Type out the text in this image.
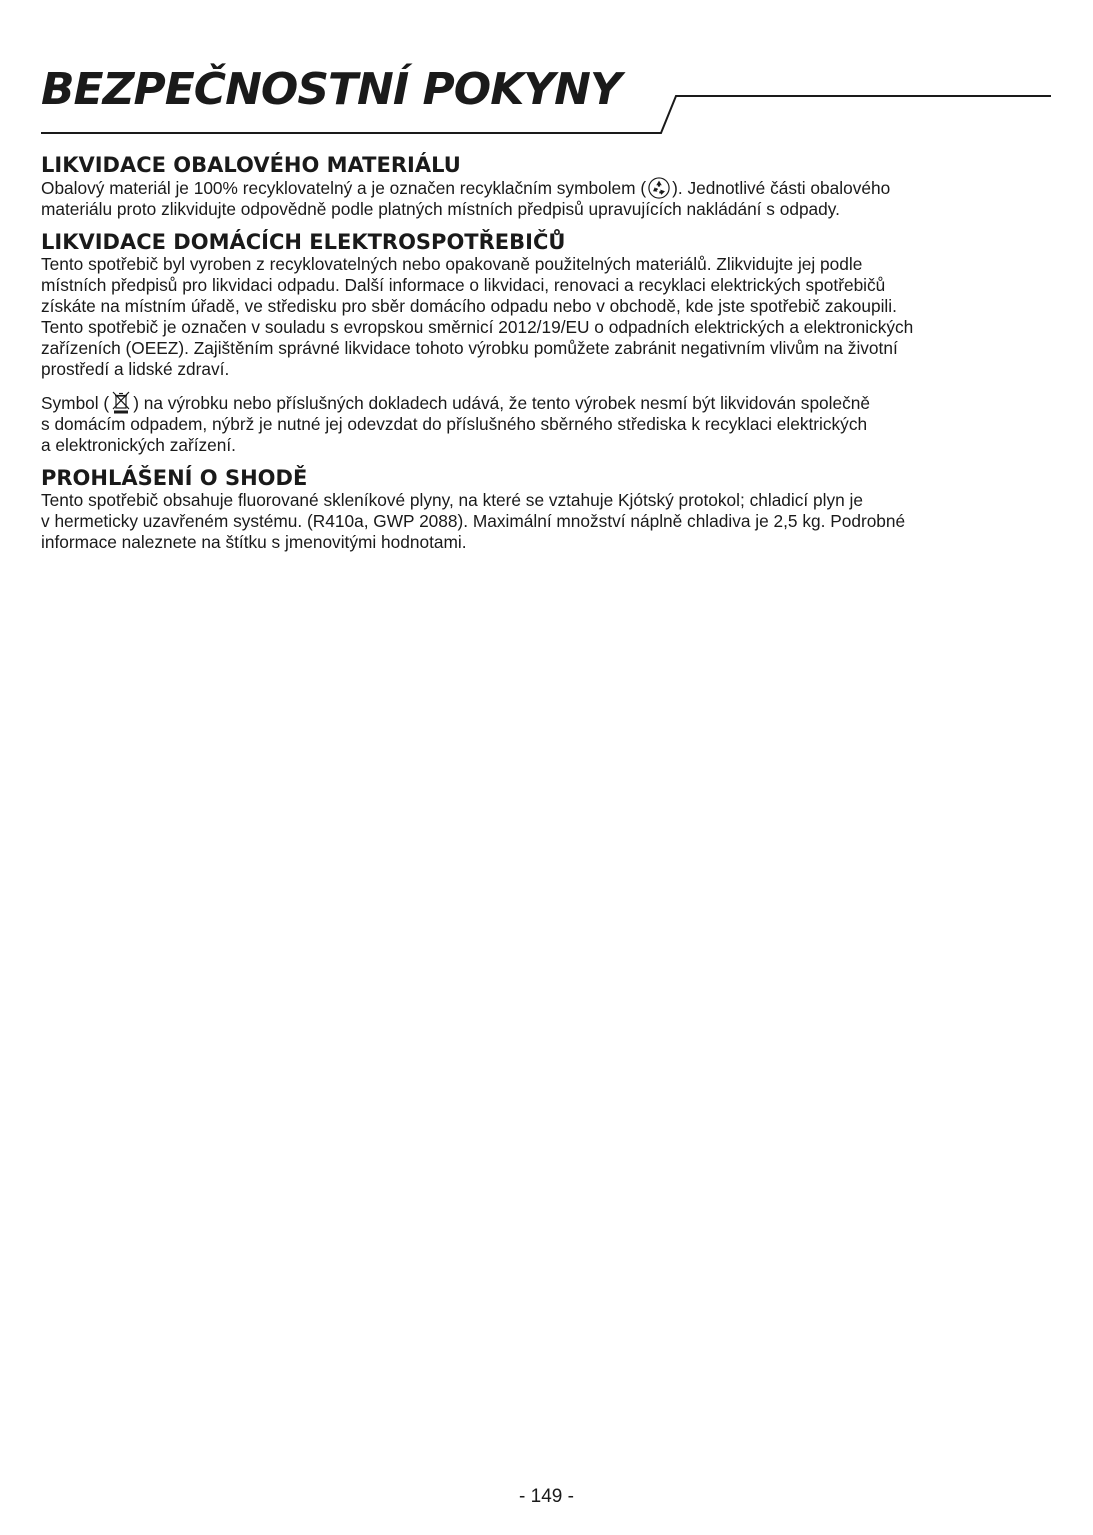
BEZPEČNOSTNÍ POKYNY
LIKVIDACE OBALOVÉHO MATERIÁLU

Obalový materiál je 100% recyklovatelný a je označen recyklačním symbolem ( ). Jednotlivé části obalového
materiálu proto zlikvidujte odpovědně podle platných místních předpisů upravujících nakládání s odpady.

LIKVIDACE DOMÁCÍCH ELEKTROSPOTŘEBIČŮ

Tento spotřebič byl vyroben z recyklovatelných nebo opakovaně použitelných materiálů. Zlikvidujte jej podle
místních předpisů pro likvidaci odpadu. Další informace o likvidaci, renovaci a recyklaci elektrických spotřebičů
získáte na místním úřadě, ve středisku pro sběr domácího odpadu nebo v obchodě, kde jste spotřebič zakoupili.
Tento spotřebič je označen v souladu s evropskou směrnicí 2012/19/EU o odpadních elektrických a elektronických
zařízeních (OEEZ). Zajištěním správné likvidace tohoto výrobku pomůžete zabránit negativním vlivům na životní
prostředí a lidské zdraví.

Symbol ( ) na výrobku nebo příslušných dokladech udává, že tento výrobek nesmí být likvidován společně
s domácím odpadem, nýbrž je nutné jej odevzdat do příslušného sběrného střediska k recyklaci elektrických
a elektronických zařízení.

PROHLÁŠENÍ O SHODĚ

Tento spotřebič obsahuje fluorované skleníkové plyny, na které se vztahuje Kjótský protokol; chladicí plyn je
v hermeticky uzavřeném systému. (R410a, GWP 2088). Maximální množství náplně chladiva je 2,5 kg. Podrobné
informace naleznete na štítku s jmenovitými hodnotami.

- 149 -
